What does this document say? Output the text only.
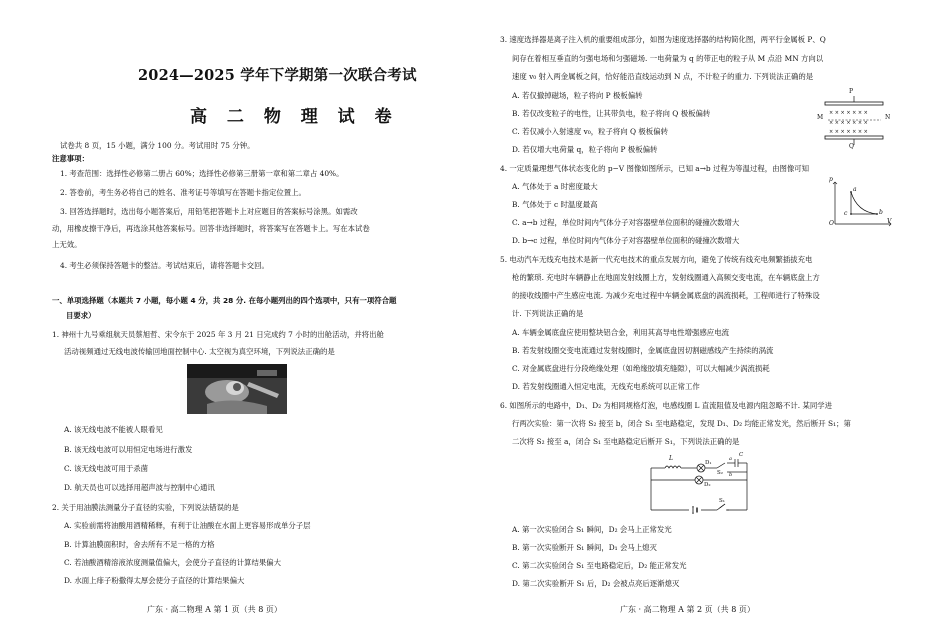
2024—2025 学年下学期第一次联合考试
高 二 物 理 试 卷
试卷共 8 页，15 小题，满分 100 分。考试用时 75 分钟。
注意事项：
1. 考查范围：选择性必修第二册占 60%；选择性必修第三册第一章和第二章占 40%。
2. 答卷前，考生务必将自己的姓名、准考证号等填写在答题卡指定位置上。
3. 回答选择题时，选出每小题答案后，用铅笔把答题卡上对应题目的答案标号涂黑。如需改
动，用橡皮擦干净后，再选涂其他答案标号。回答非选择题时，将答案写在答题卡上。写在本试卷
上无效。
4. 考生必须保持答题卡的整洁。考试结束后，请将答题卡交回。
一、单项选择题（本题共 7 小题，每小题 4 分，共 28 分. 在每小题列出的四个选项中，只有一项符合题
目要求）
1. 神州十九号乘组航天员蔡旭哲、宋令东于 2025 年 3 月 21 日完成约 7 小时的出舱活动，并将出舱
活动视频通过无线电波传输回地面控制中心. 太空视为真空环境，下列说法正确的是
A. 该无线电波不能被人眼看见
B. 该无线电波可以用恒定电场进行激发
C. 该无线电波可用于杀菌
D. 航天员也可以选择用超声波与控制中心通讯
2. 关于用油膜法测量分子直径的实验，下列说法错误的是
A. 实验前需将油酸用酒精稀释，有利于让油酸在水面上更容易形成单分子层
B. 计算油膜面积时，舍去所有不足一格的方格
C. 若油酸酒精溶液浓度测量值偏大，会使分子直径的计算结果偏大
D. 水面上痱子粉撒得太厚会使分子直径的计算结果偏大
广东 · 高二物理 A 第 1 页（共 8 页）
3. 速度选择器是离子注入机的重要组成部分，如图为速度选择器的结构简化图，两平行金属板 P、Q
间存在着相互垂直的匀强电场和匀强磁场. 一电荷量为 q 的带正电的粒子从 M 点沿 MN 方向以
速度 v₀ 射入两金属板之间，恰好能沿直线运动到 N 点，不计粒子的重力. 下列说法正确的是
A. 若仅撤掉磁场，粒子将向 P 极板偏转
B. 若仅改变粒子的电性，让其带负电，粒子将向 Q 极板偏转
C. 若仅减小入射速度 v₀，粒子将向 Q 极板偏转
D. 若仅增大电荷量 q，粒子将向 P 极板偏转
× × × × × × ×
× × × × × × ×
× × × × × × ×
P
Q
M	N
4. 一定质量理想气体状态变化的 p−V 图像如图所示，已知 a→b 过程为等温过程，由图像可知
A. 气体处于 a 时密度最大
B. 气体处于 c 时温度最高
C. a→b 过程，单位时间内气体分子对容器壁单位面积的碰撞次数增大
D. b→c 过程，单位时间内气体分子对容器壁单位面积的碰撞次数增大
p
V
O
a
b
c
5. 电动汽车无线充电技术是新一代充电技术的重点发展方向，避免了传统有线充电频繁插拔充电
枪的繁琐. 充电时车辆静止在地面发射线圈上方，发射线圈通入高频交变电流，在车辆底盘上方
的接收线圈中产生感应电流. 为减少充电过程中车辆金属底盘的涡流损耗，工程师进行了特殊设
计. 下列说法正确的是
A. 车辆金属底盘应使用整块铝合金，利用其高导电性增强感应电流
B. 若发射线圈交变电流通过发射线圈时，金属底盘因切割磁感线产生持续的涡流
C. 对金属底盘进行分段绝缘处理（如绝缘胶填充缝隙），可以大幅减少涡流损耗
D. 若发射线圈通入恒定电流，无线充电系统可以正常工作
6. 如图所示的电路中，D₁、D₂ 为相同规格灯泡，电感线圈 L 直流阻值及电源内阻忽略不计. 某同学进
行两次实验：第一次将 S₂ 接至 b，闭合 S₁ 至电路稳定，发现 D₁、D₂ 均能正常发光，然后断开 S₁；第
二次将 S₂ 接至 a，闭合 S₁ 至电路稳定后断开 S₁，下列说法正确的是
L
D₁
D₂
S₂
S₁
C
a
b
A. 第一次实验闭合 S₁ 瞬间，D₂ 会马上正常发光
B. 第一次实验断开 S₁ 瞬间，D₁ 会马上熄灭
C. 第二次实验闭合 S₁ 至电路稳定后，D₂ 能正常发光
D. 第二次实验断开 S₁ 后，D₂ 会被点亮后逐渐熄灭
广东 · 高二物理 A 第 2 页（共 8 页）
